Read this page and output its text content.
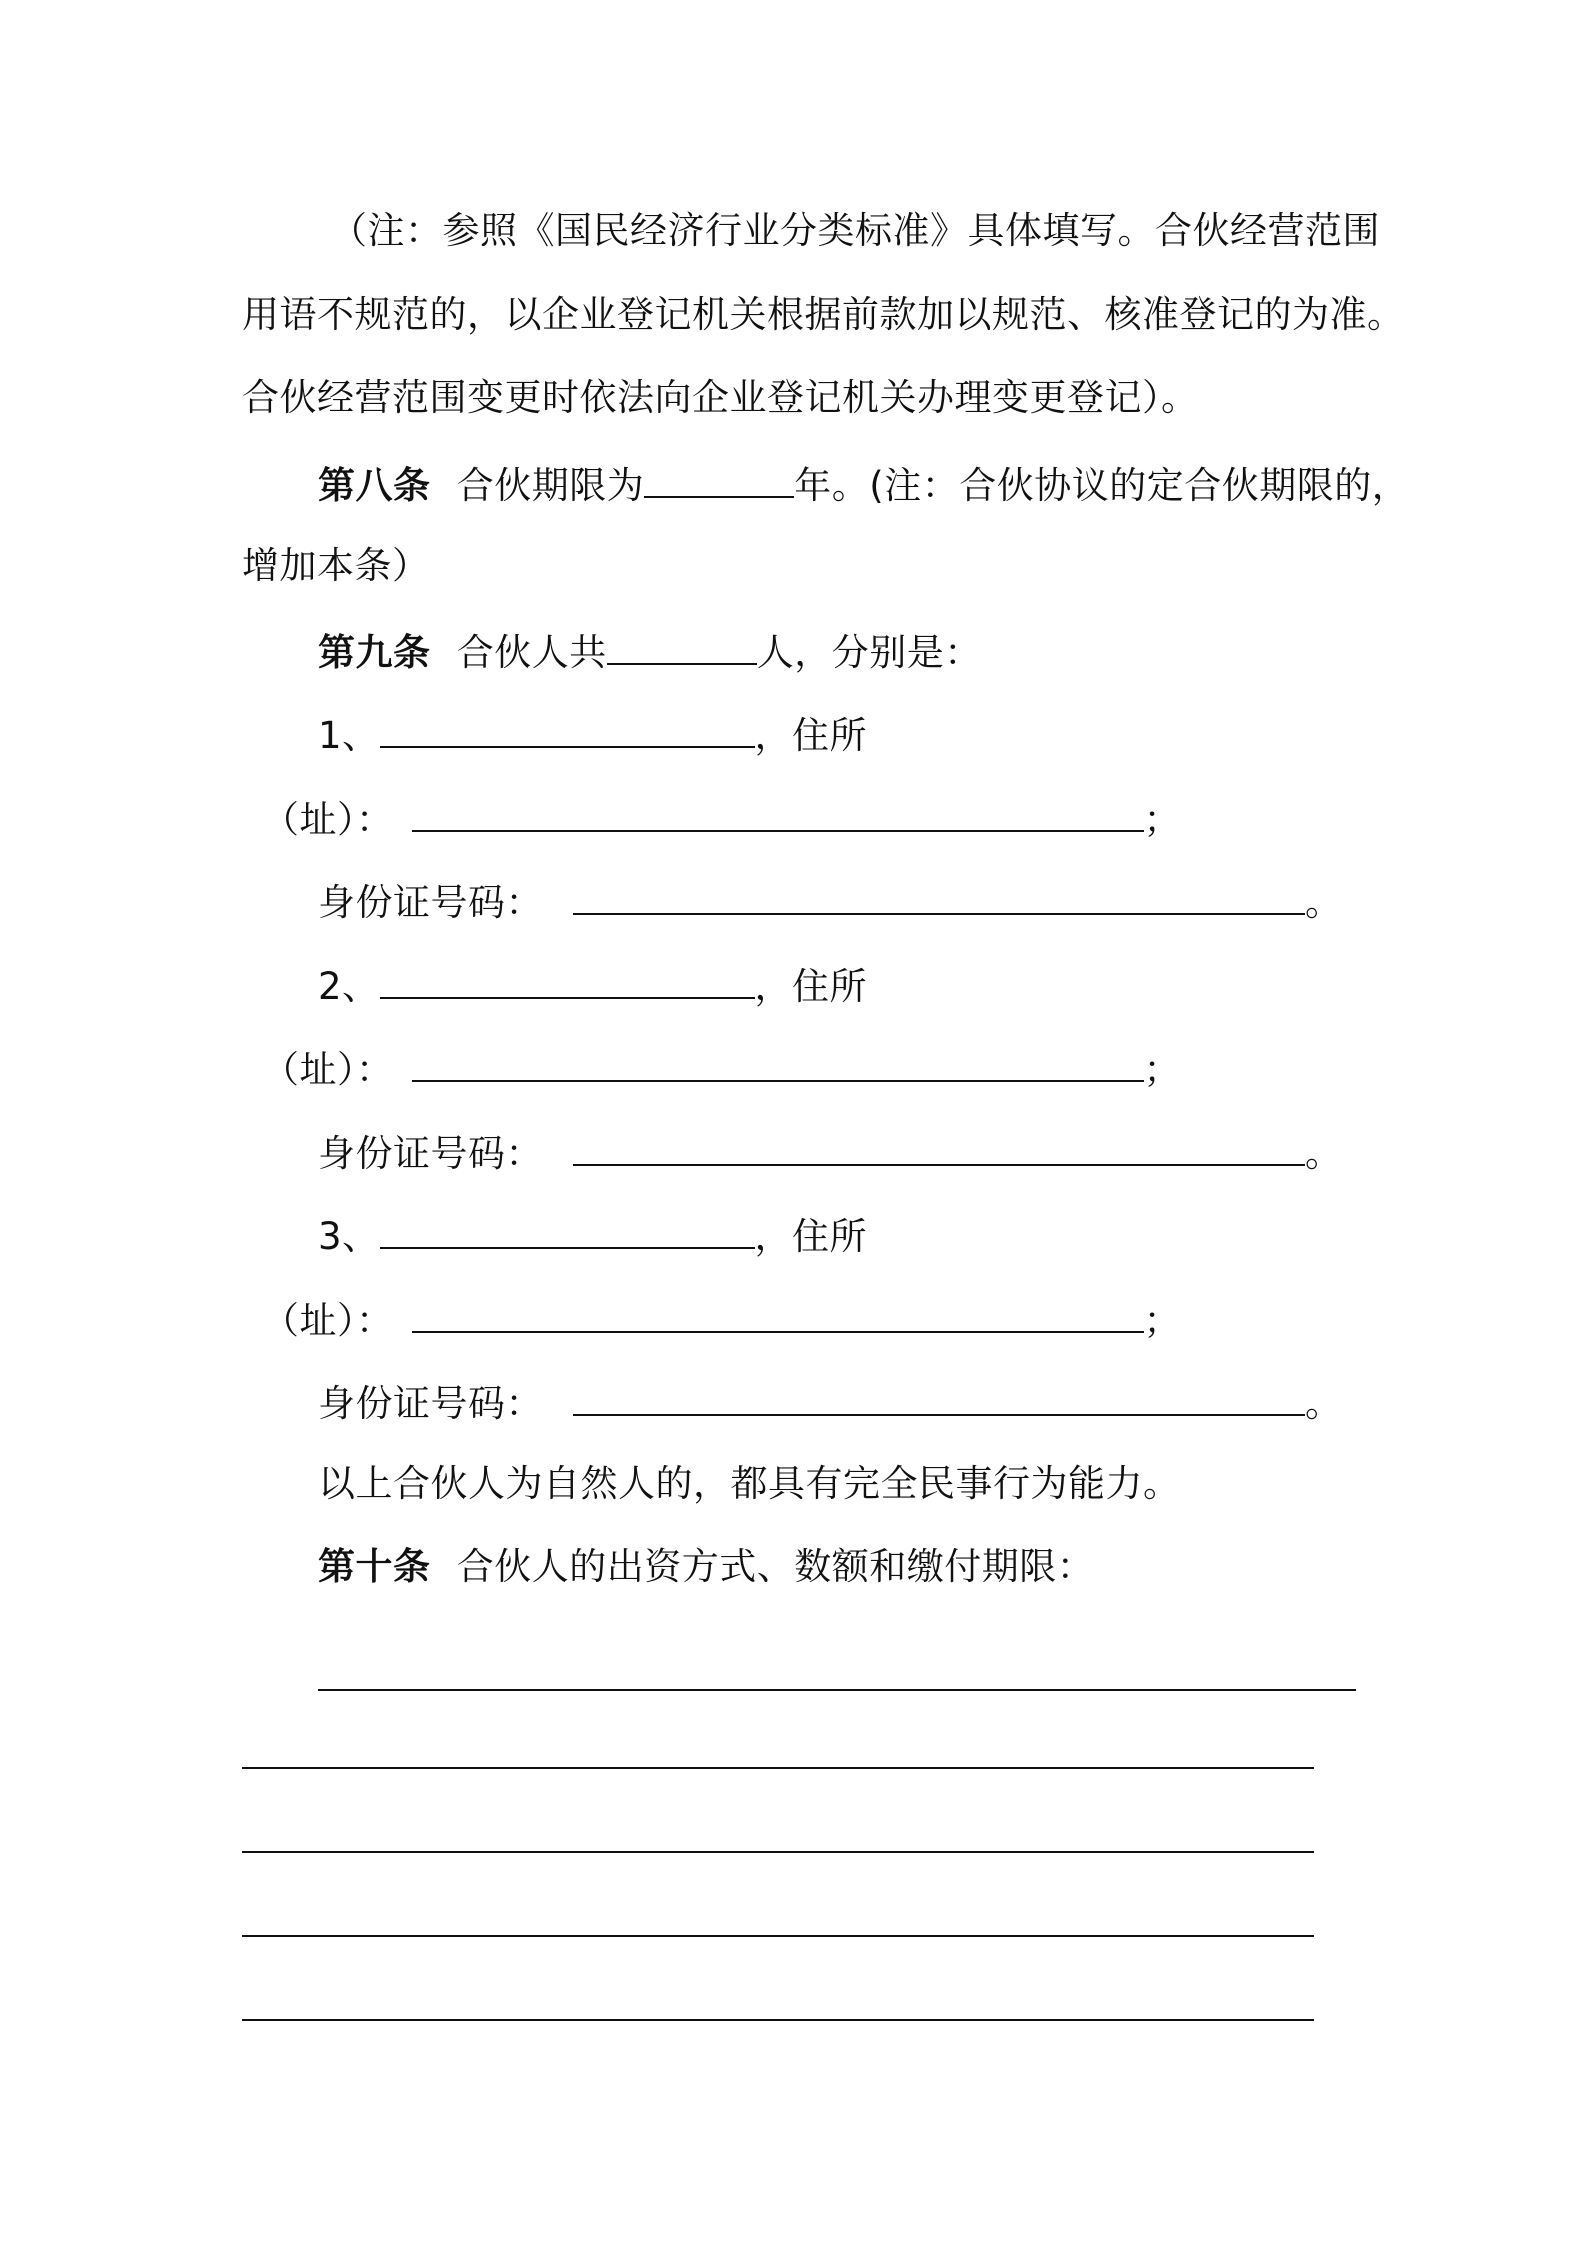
（注：参照《国民经济行业分类标准》具体填写。合伙经营范围
用语不规范的，以企业登记机关根据前款加以规范、核准登记的为准。
合伙经营范围变更时依法向企业登记机关办理变更登记）。
第八条 合伙期限为	年。(注：合伙协议的定合伙期限的，
增加本条）
第九条 合伙人共	人，分别是：
1、	，住所
（址）：	；
身份证号码：	。
2、	，住所
（址）：	；
身份证号码：	。
3、	，住所
（址）：	；
身份证号码：	。
以上合伙人为自然人的，都具有完全民事行为能力。
第十条 合伙人的出资方式、数额和缴付期限：
